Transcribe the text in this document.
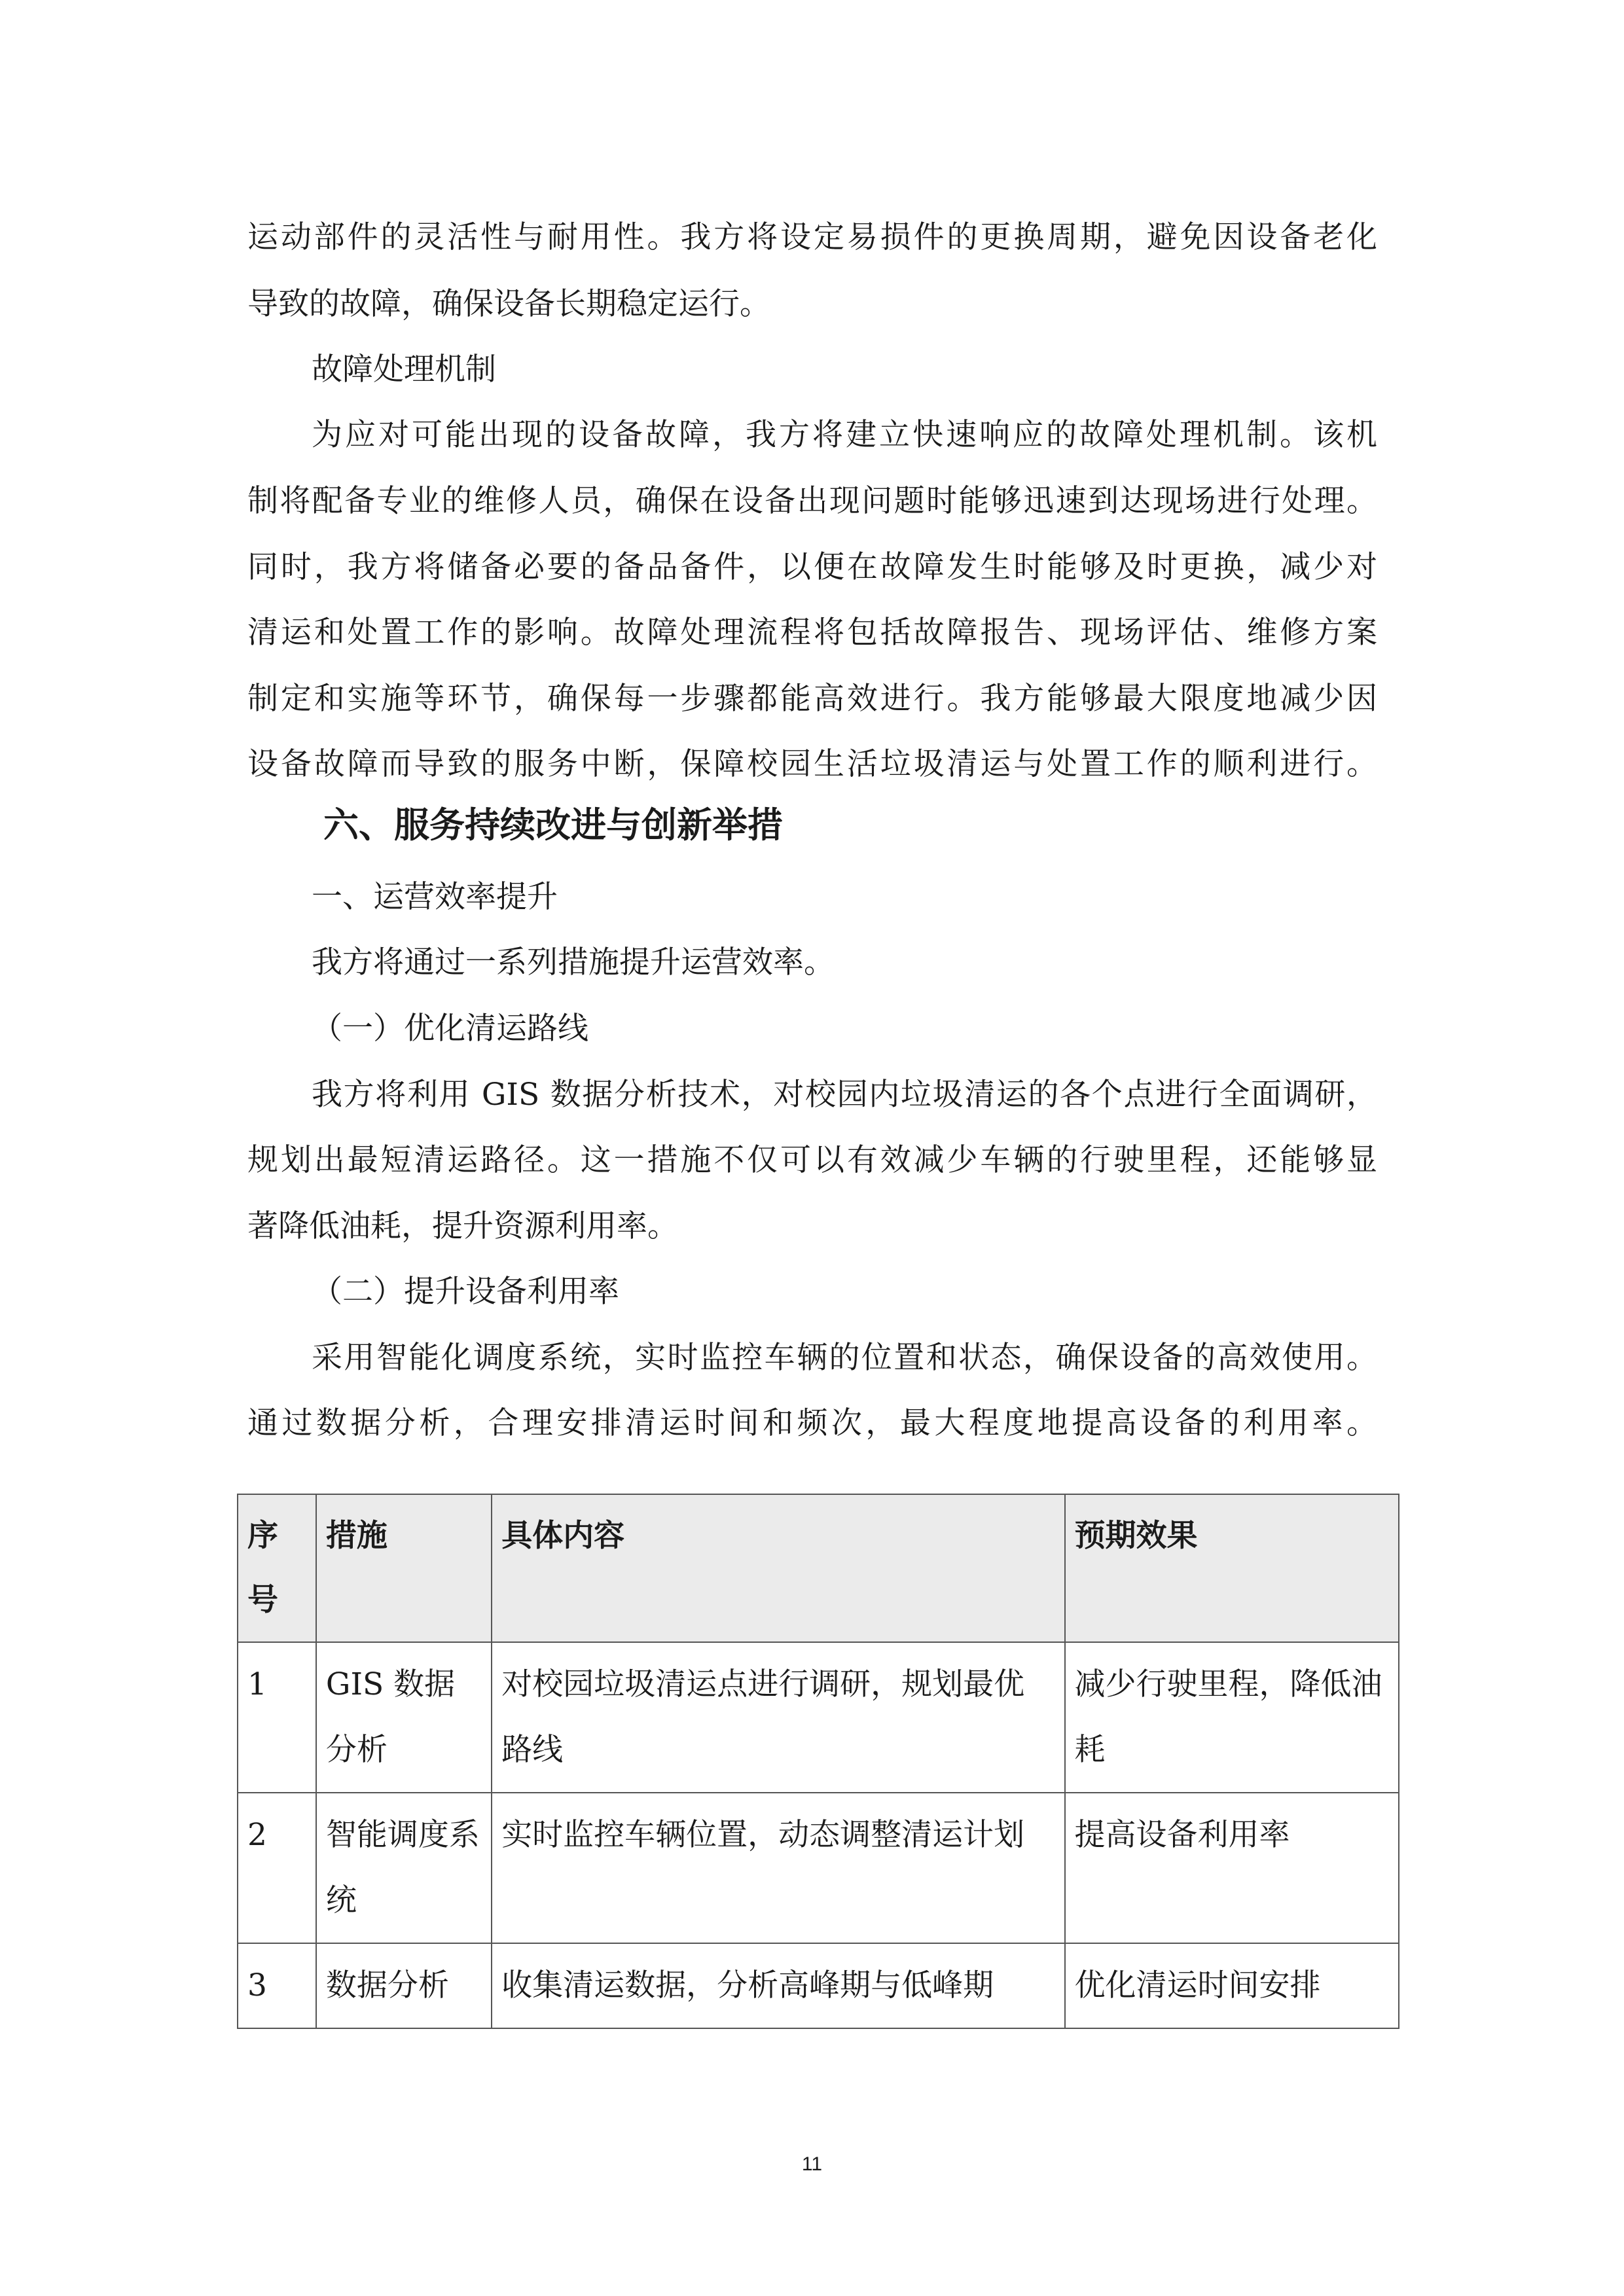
运动部件的灵活性与耐用性。我方将设定易损件的更换周期，避免因设备老化

导致的故障，确保设备长期稳定运行。

故障处理机制

为应对可能出现的设备故障，我方将建立快速响应的故障处理机制。该机

制将配备专业的维修人员，确保在设备出现问题时能够迅速到达现场进行处理。

同时，我方将储备必要的备品备件，以便在故障发生时能够及时更换，减少对

清运和处置工作的影响。故障处理流程将包括故障报告、现场评估、维修方案

制定和实施等环节，确保每一步骤都能高效进行。我方能够最大限度地减少因

设备故障而导致的服务中断，保障校园生活垃圾清运与处置工作的顺利进行。

六、服务持续改进与创新举措

一、运营效率提升

我方将通过一系列措施提升运营效率。

（一）优化清运路线

我方将利用 GIS 数据分析技术，对校园内垃圾清运的各个点进行全面调研，

规划出最短清运路径。这一措施不仅可以有效减少车辆的行驶里程，还能够显

著降低油耗，提升资源利用率。

（二）提升设备利用率

采用智能化调度系统，实时监控车辆的位置和状态，确保设备的高效使用。

通过数据分析，合理安排清运时间和频次，最大程度地提高设备的利用率。

序号	措施	具体内容	预期效果
1	GIS 数据分析	对校园垃圾清运点进行调研，规划最优路线	减少行驶里程，降低油耗
2	智能调度系统	实时监控车辆位置，动态调整清运计划	提高设备利用率
3	数据分析	收集清运数据，分析高峰期与低峰期	优化清运时间安排

11
